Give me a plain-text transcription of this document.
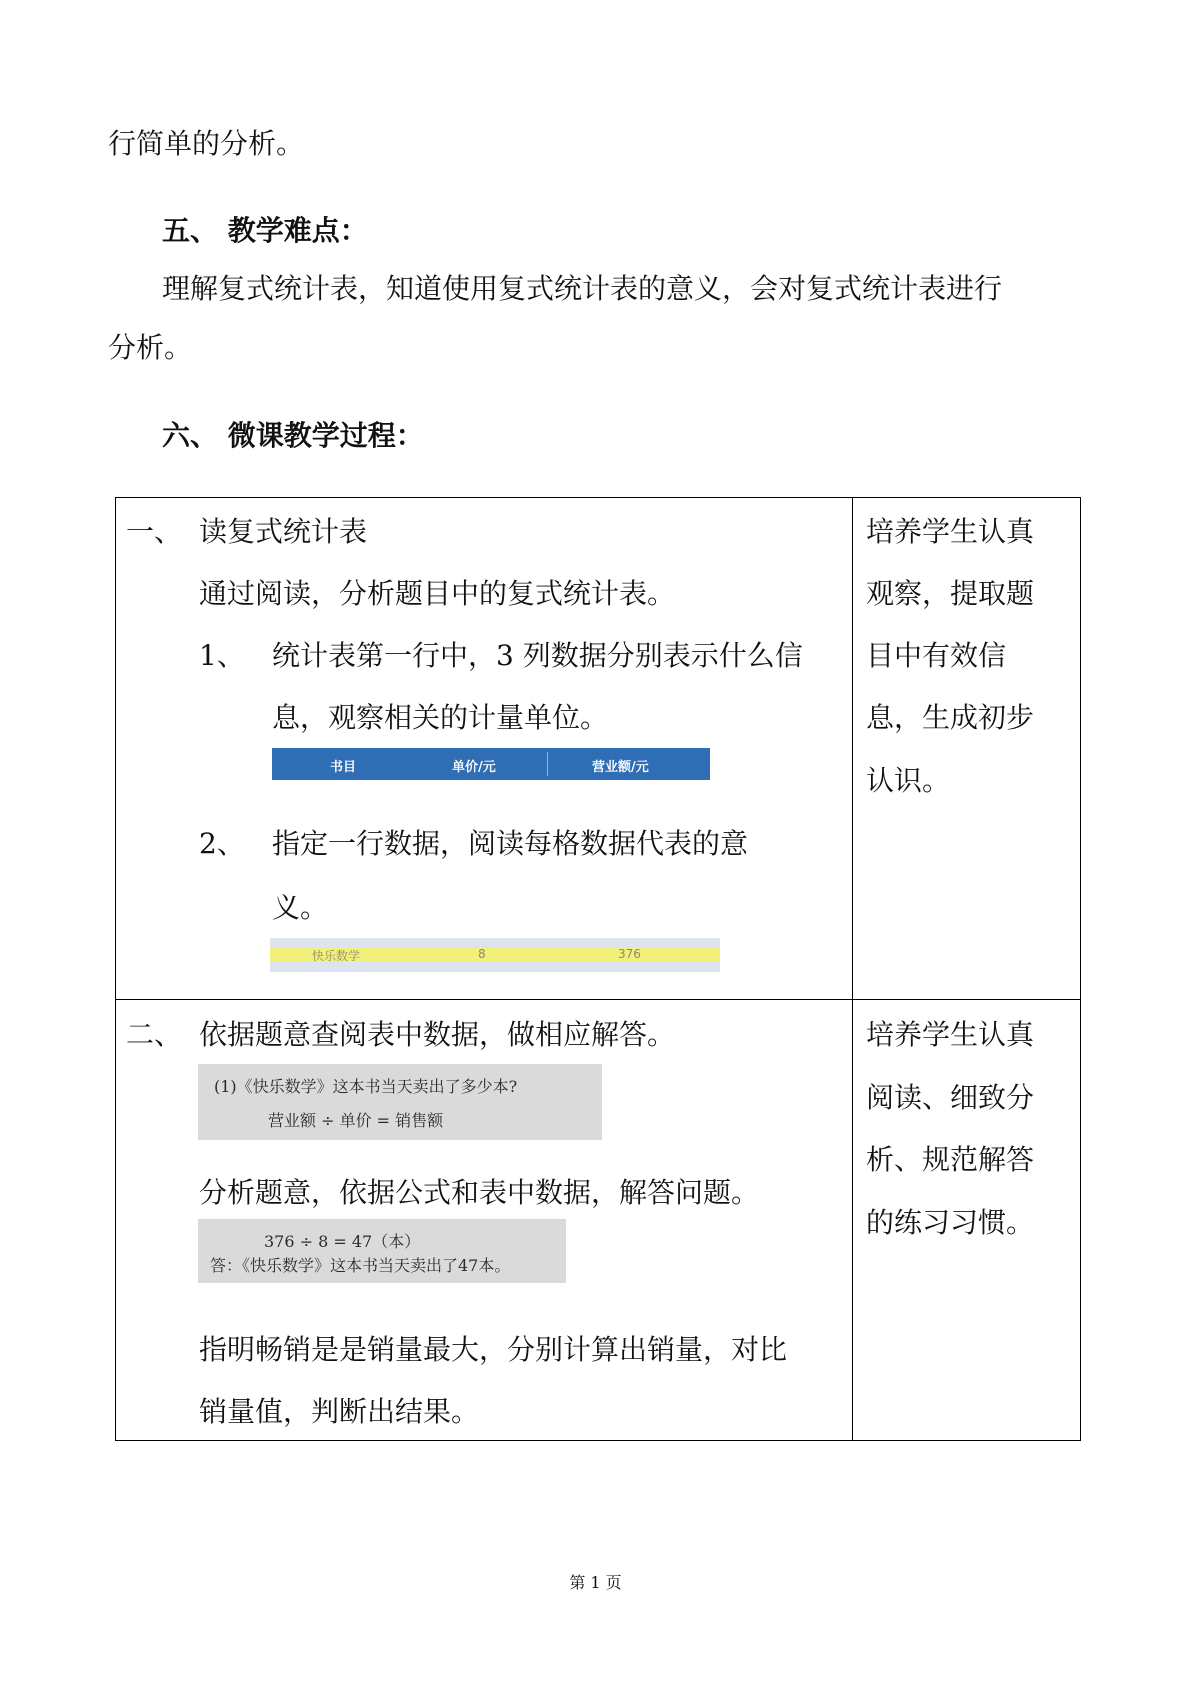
行简单的分析。

五、 教学难点：

理解复式统计表，知道使用复式统计表的意义，会对复式统计表进行

分析。

六、 微课教学过程：

一、 读复式统计表
通过阅读，分析题目中的复式统计表。
1、 统计表第一行中，3 列数据分别表示什么信
息，观察相关的计量单位。
书目	单价/元	营业额/元
2、 指定一行数据，阅读每格数据代表的意
义。
快乐数学	8	376
培养学生认真
观察，提取题
目中有效信
息，生成初步
认识。
二、 依据题意查阅表中数据，做相应解答。
(1)《快乐数学》这本书当天卖出了多少本?
营业额 ÷ 单价 = 销售额
分析题意，依据公式和表中数据，解答问题。
376 ÷ 8 = 47（本）
答：《快乐数学》这本书当天卖出了47本。
指明畅销是是销量最大，分别计算出销量，对比
销量值，判断出结果。
培养学生认真
阅读、细致分
析、规范解答
的练习习惯。
第 1 页
